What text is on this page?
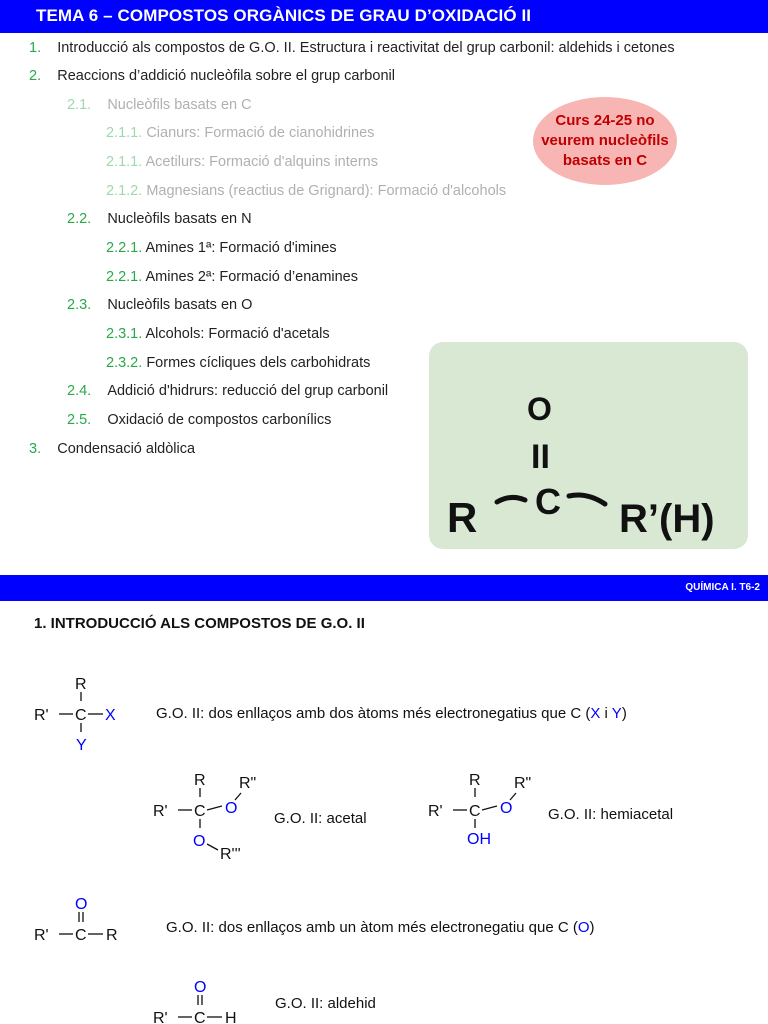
TEMA 6 – COMPOSTOS ORGÀNICS DE GRAU D’OXIDACIÓ II
1. Introducció als compostos de G.O. II. Estructura i reactivitat del grup carbonil: aldehids i cetones
2. Reaccions d’addició nucleòfila sobre el grup carbonil
2.1. Nucleòfils basats en C
2.1.1. Cianurs: Formació de cianohidrines
2.1.1. Acetilurs: Formació d'alquins interns
2.1.2. Magnesians (reactius de Grignard): Formació d'alcohols
2.2. Nucleòfils basats en N
2.2.1. Amines 1ª: Formació d'imines
2.2.1. Amines 2ª: Formació d’enamines
2.3. Nucleòfils basats en O
2.3.1. Alcohols: Formació d'acetals
2.3.2. Formes cícliques dels carbohidrats
2.4. Addició d'hidrurs: reducció del grup carbonil
2.5. Oxidació de compostos carbonílics
3. Condensació aldòlica
Curs 24-25 no
veurem nucleòfils
basats en C
O
II
R C R’(H)
QUÍMICA I. T6-2
1. INTRODUCCIÓ ALS COMPOSTOS DE G.O. II
R
R' C X
Y
G.O. II: dos enllaços amb dos àtoms més electronegatius que C (X i Y)
R
R' C O
R"
O
R'''
G.O. II: acetal
R
R' C O
R"
OH
G.O. II: hemiacetal
O
R' C R	G.O. II: dos enllaços amb un àtom més electronegatiu que C (O)
O
R' C H
G.O. II: aldehid
